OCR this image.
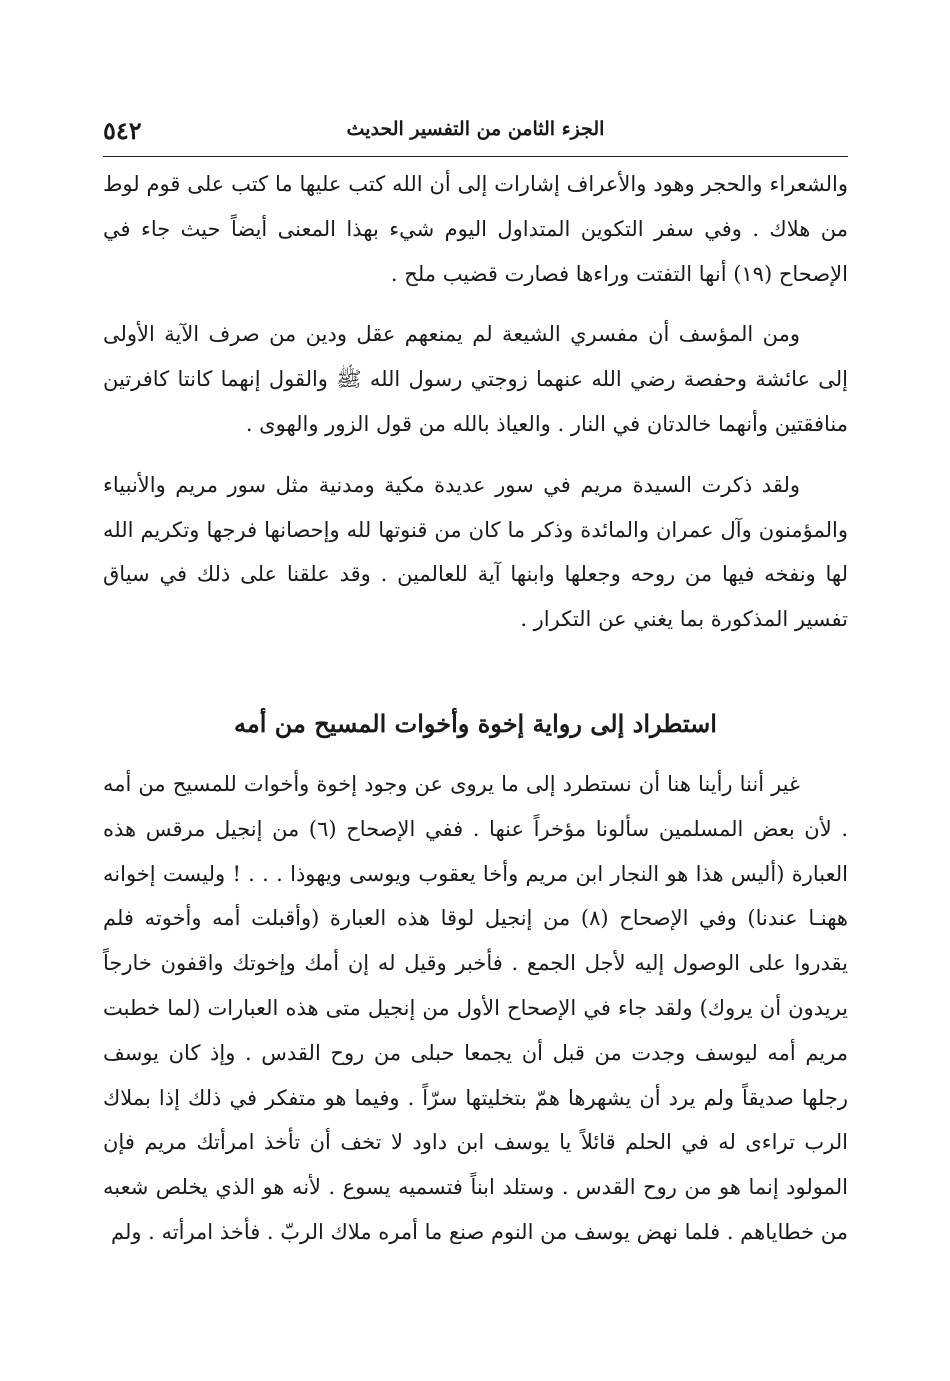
الجزء الثامن من التفسير الحديث
٥٤٢

والشعراء والحجر وهود والأعراف إشارات إلى أن الله كتب عليها ما كتب على قوم لوط من هلاك . وفي سفر التكوين المتداول اليوم شيء بهذا المعنى أيضاً حيث جاء في الإصحاح (١٩) أنها التفتت وراءها فصارت قضيب ملح .

ومن المؤسف أن مفسري الشيعة لم يمنعهم عقل ودين من صرف الآية الأولى إلى عائشة وحفصة رضي الله عنهما زوجتي رسول الله ﷺ والقول إنهما كانتا كافرتين منافقتين وأنهما خالدتان في النار . والعياذ بالله من قول الزور والهوى .

ولقد ذكرت السيدة مريم في سور عديدة مكية ومدنية مثل سور مريم والأنبياء والمؤمنون وآل عمران والمائدة وذكر ما كان من قنوتها لله وإحصانها فرجها وتكريم الله لها ونفخه فيها من روحه وجعلها وابنها آية للعالمين . وقد علقنا على ذلك في سياق تفسير المذكورة بما يغني عن التكرار .

استطراد إلى رواية إخوة وأخوات المسيح من أمه

غير أننا رأينا هنا أن نستطرد إلى ما يروى عن وجود إخوة وأخوات للمسيح من أمه . لأن بعض المسلمين سألونا مؤخراً عنها . ففي الإصحاح (٦) من إنجيل مرقس هذه العبارة (أليس هذا هو النجار ابن مريم وأخا يعقوب ويوسى ويهوذا . . . ! وليست إخوانه ههنـا عندنا) وفي الإصحاح (٨) من إنجيل لوقا هذه العبارة (وأقبلت أمه وأخوته فلم يقدروا على الوصول إليه لأجل الجمع . فأخبر وقيل له إن أمك وإخوتك واقفون خارجاً يريدون أن يروك) ولقد جاء في الإصحاح الأول من إنجيل متى هذه العبارات (لما خطبت مريم أمه ليوسف وجدت من قبل أن يجمعا حبلى من روح القدس . وإذ كان يوسف رجلها صديقاً ولم يرد أن يشهرها همّ بتخليتها سرّاً . وفيما هو متفكر في ذلك إذا بملاك الرب تراءى له في الحلم قائلاً يا يوسف ابن داود لا تخف أن تأخذ امرأتك مريم فإن المولود إنما هو من روح القدس . وستلد ابناً فتسميه يسوع . لأنه هو الذي يخلص شعبه من خطاياهم . فلما نهض يوسف من النوم صنع ما أمره ملاك الربّ . فأخذ امرأته . ولم
